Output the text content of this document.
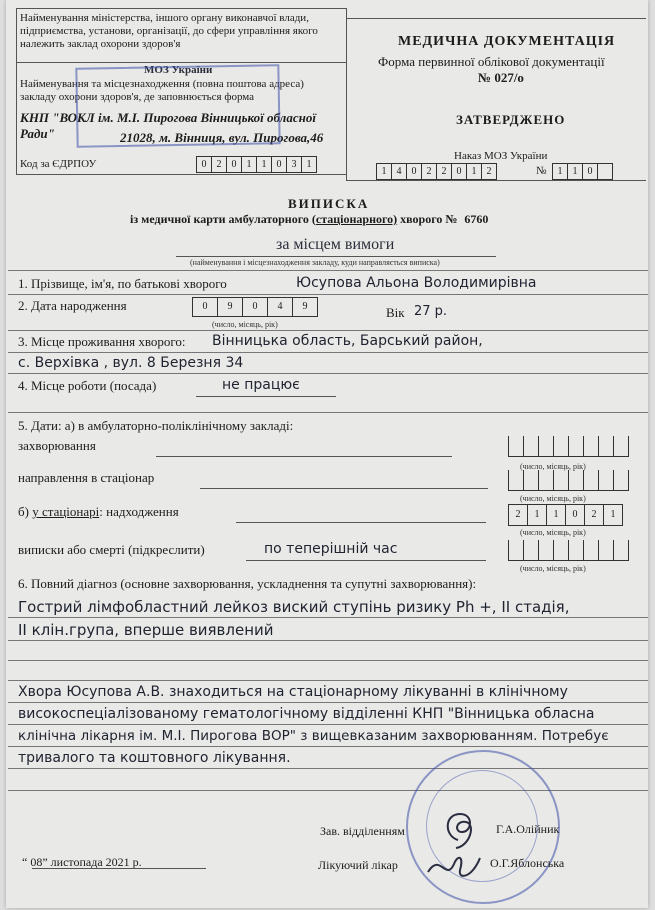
Найменування міністерства, іншого органу виконавчої влади, підприємства, установи, організації, до сфери управління якого належить заклад охорони здоров'я
МОЗ України
Найменування та місцезнаходження (повна поштова адреса) закладу охорони здоров'я, де заповнюється форма
КНП "ВОКЛ ім. М.І. Пирогова Вінницької обласної Ради"	21028, м. Вінниця, вул. Пирогова,46
Код за ЄДРПОУ	0	2	0	1	1	0	3	1
МЕДИЧНА ДОКУМЕНТАЦІЯ
Форма первинної облікової документації
№ 027/о
ЗАТВЕРДЖЕНО
Наказ МОЗ України
1	4	0	2	2	0	1	2	№	1	1	0
ВИПИСКА
із медичної карти амбулаторного (стаціонарного) хворого № 6760
за місцем вимоги
(найменування і місцезнаходження закладу, куди направляється виписка)
1. Прізвище, ім'я, по батькові хворого	Юсупова Альона Володимирівна
2. Дата народження	0	9	0	4	9
(число, місяць, рік)
Вік 27 р.
3. Місце проживання хворого: Вінницька область, Барський район,
с. Верхівка , вул. 8 Березня 34
4. Місце роботи (посада)	не працює
5. Дати: а) в амбулаторно-поліклінічному закладі:
захворювання
(число, місяць, рік)
направлення в стаціонар
(число, місяць, рік)
б) у стаціонарі: надходження	2	1	1	0	2	1
(число, місяць, рік)
виписки або смерті (підкреслити)	по теперішній час
(число, місяць, рік)
6. Повний діагноз (основне захворювання, ускладнення та супутні захворювання):
Гострий лімфобластний лейкоз виский ступінь ризику Ph +, II стадія,
II клін.група, вперше виявлений
Хвора Юсупова А.В. знаходиться на стаціонарному лікуванні в клінічному
високоспеціалізованому гематологічному відділенні КНП "Вінницька обласна
клінічна лікарня ім. М.І. Пирогова ВОР" з вищевказаним захворюванням. Потребує
тривалого та коштовного лікування.
Зав. відділенням	Г.А.Олійник
“ 08” листопада 2021 р.	Лікуючий лікар	О.Г.Яблонська
